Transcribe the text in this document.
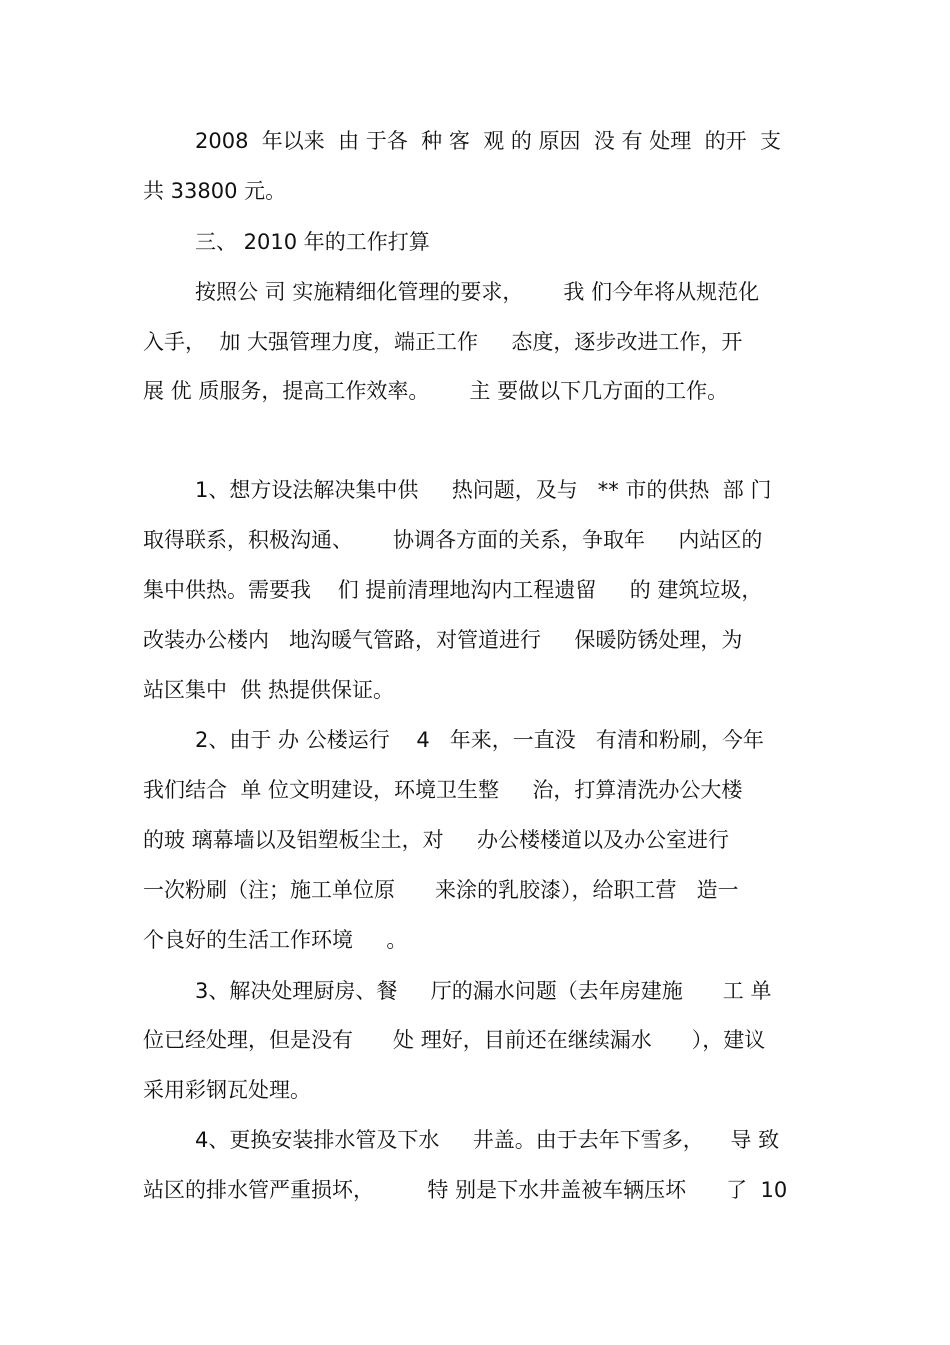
2008  年以来  由 于各  种 客  观 的 原因  没 有 处理  的开  支
共 33800 元。
三、 2010 年的工作打算
按照公 司 实施精细化管理的要求，      我 们今年将从规范化
入手，  加 大强管理力度，端正工作     态度，逐步改进工作，开
展 优 质服务，提高工作效率。      主 要做以下几方面的工作。
1、想方设法解决集中供     热问题，及与   ** 市的供热  部 门
取得联系，积极沟通、      协调各方面的关系，争取年     内站区的
集中供热。需要我    们 提前清理地沟内工程遗留     的 建筑垃圾，
改装办公楼内   地沟暖气管路，对管道进行     保暖防锈处理，为
站区集中  供 热提供保证。
2、由于 办 公楼运行    4   年来，一直没   有清和粉刷，今年
我们结合  单 位文明建设，环境卫生整     治，打算清洗办公大楼
的玻 璃幕墙以及铝塑板尘土，对     办公楼楼道以及办公室进行
一次粉刷（注；施工单位原      来涂的乳胶漆），给职工营   造一
个良好的生活工作环境     。
3、解决处理厨房、餐     厅的漏水问题（去年房建施      工 单
位已经处理，但是没有      处 理好，目前还在继续漏水      ），建议
采用彩钢瓦处理。
4、更换安装排水管及下水     井盖。由于去年下雪多，    导 致
站区的排水管严重损坏，        特 别是下水井盖被车辆压坏      了  10
